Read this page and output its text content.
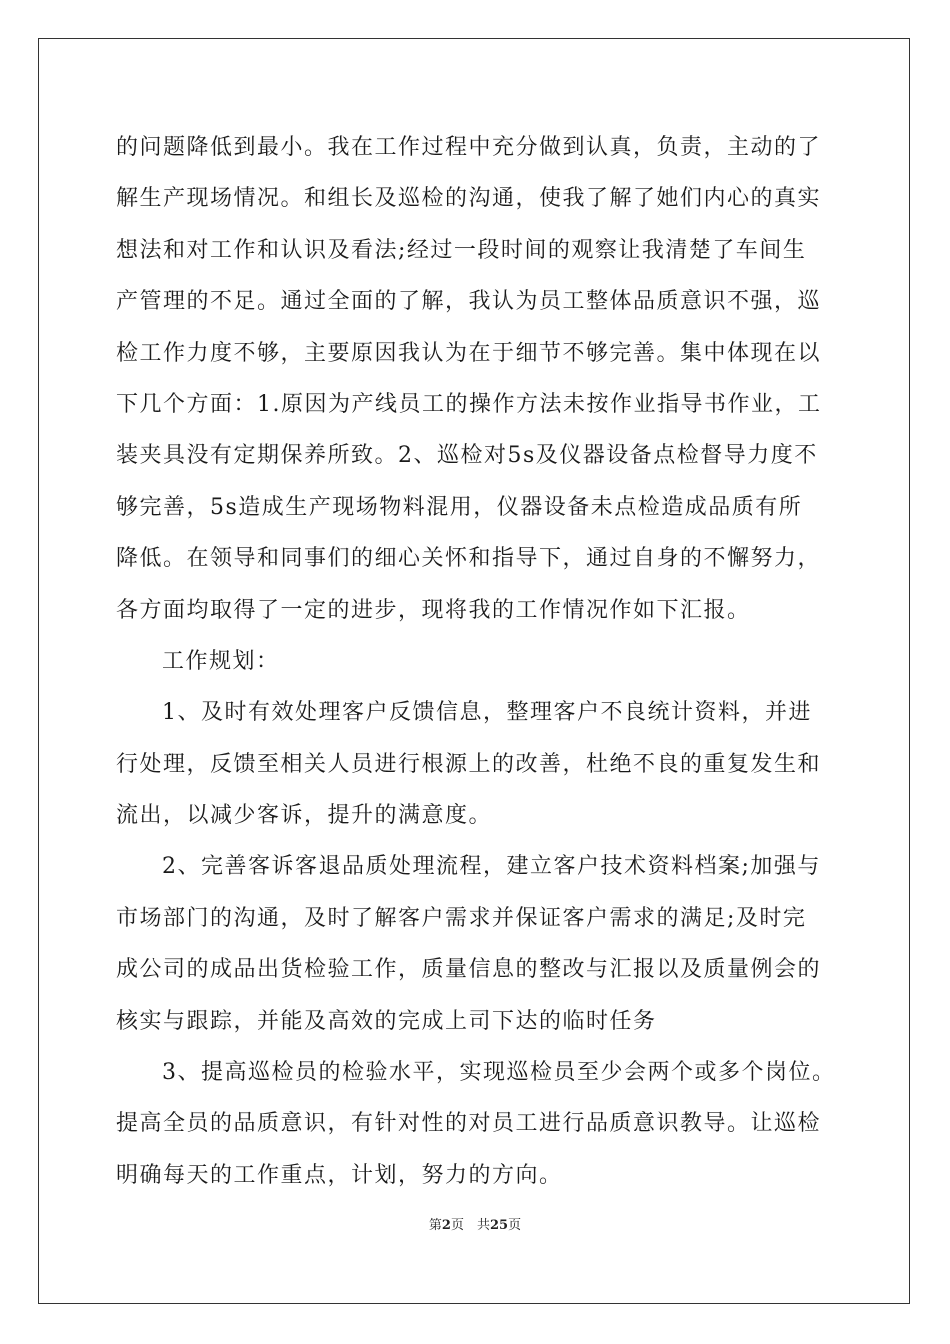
的问题降低到最小。我在工作过程中充分做到认真，负责，主动的了
解生产现场情况。和组长及巡检的沟通，使我了解了她们内心的真实
想法和对工作和认识及看法;经过一段时间的观察让我清楚了车间生
产管理的不足。通过全面的了解，我认为员工整体品质意识不强，巡
检工作力度不够，主要原因我认为在于细节不够完善。集中体现在以
下几个方面：1.原因为产线员工的操作方法未按作业指导书作业，工
装夹具没有定期保养所致。2、巡检对5s及仪器设备点检督导力度不
够完善，5s造成生产现场物料混用，仪器设备未点检造成品质有所
降低。在领导和同事们的细心关怀和指导下，通过自身的不懈努力，
各方面均取得了一定的进步，现将我的工作情况作如下汇报。
工作规划：
1、及时有效处理客户反馈信息，整理客户不良统计资料，并进
行处理，反馈至相关人员进行根源上的改善，杜绝不良的重复发生和
流出，以减少客诉，提升的满意度。
2、完善客诉客退品质处理流程，建立客户技术资料档案;加强与
市场部门的沟通，及时了解客户需求并保证客户需求的满足;及时完
成公司的成品出货检验工作，质量信息的整改与汇报以及质量例会的
核实与跟踪，并能及高效的完成上司下达的临时任务
3、提高巡检员的检验水平，实现巡检员至少会两个或多个岗位。
提高全员的品质意识，有针对性的对员工进行品质意识教导。让巡检
明确每天的工作重点，计划，努力的方向。
第2页　共25页
